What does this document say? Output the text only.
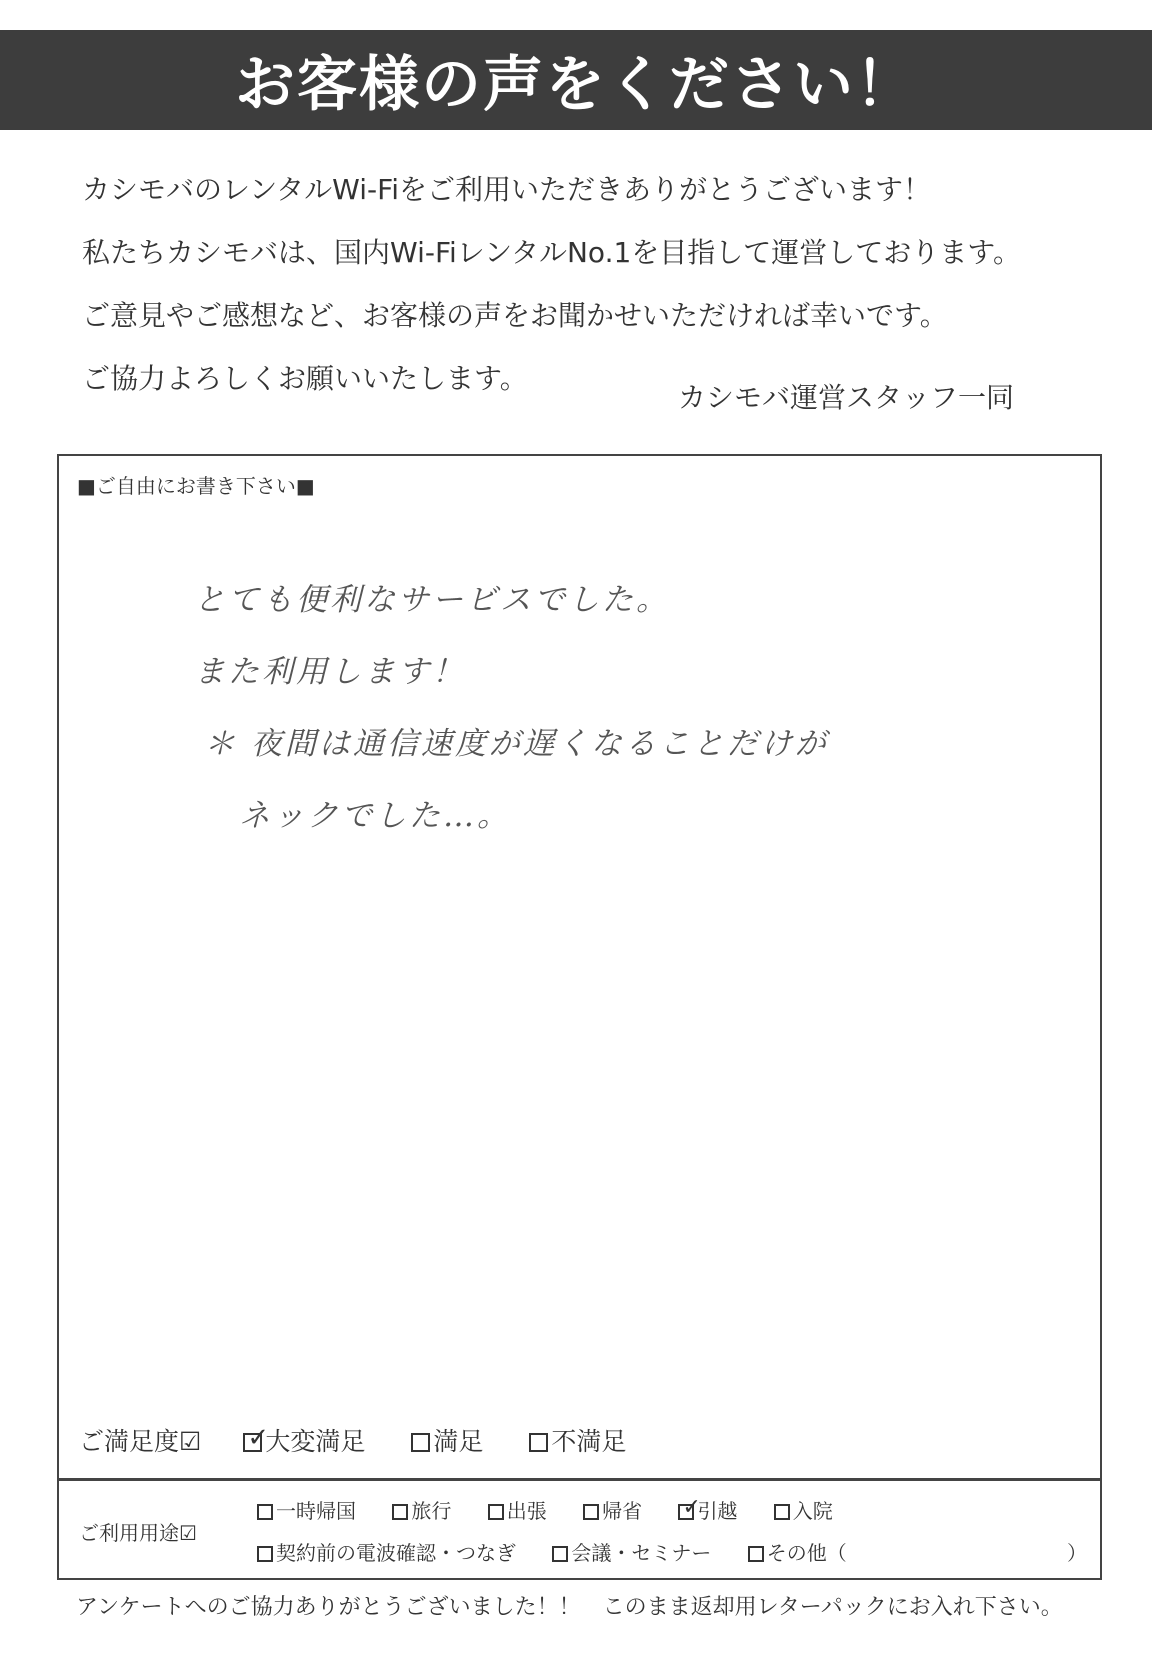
お客様の声をください！
カシモバのレンタルWi-Fiをご利用いただきありがとうございます！
私たちカシモバは、国内Wi-FiレンタルNo.1を目指して運営しております。
ご意見やご感想など、お客様の声をお聞かせいただければ幸いです。
ご協力よろしくお願いいたします。
カシモバ運営スタッフ一同
■ご自由にお書き下さい■
とても便利なサービスでした。
また利用します！
＊ 夜間は通信速度が遅くなることだけが
ネックでした…。
ご満足度☑ ✓
大変満足	満足	不満足
ご利用用途☑
一時帰国	旅行	出張	帰省 ✓
引越	入院
契約前の電波確認・つなぎ	会議・セミナー	その他（	）
アンケートへのご協力ありがとうございました！！　このまま返却用レターパックにお入れ下さい。
